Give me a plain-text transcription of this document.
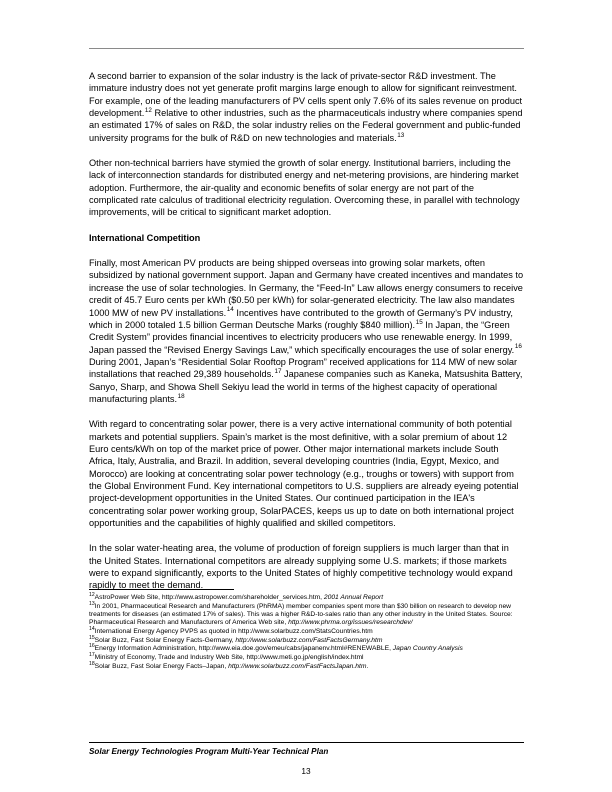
A second barrier to expansion of the solar industry is the lack of private-sector R&D investment. The immature industry does not yet generate profit margins large enough to allow for significant reinvestment. For example, one of the leading manufacturers of PV cells spent only 7.6% of its sales revenue on product development.$^{12}$ Relative to other industries, such as the pharmaceuticals industry where companies spend an estimated 17% of sales on R&D, the solar industry relies on the Federal government and public-funded university programs for the bulk of R&D on new technologies and materials.$^{13}$

Other non-technical barriers have stymied the growth of solar energy. Institutional barriers, including the lack of interconnection standards for distributed energy and net-metering provisions, are hindering market adoption. Furthermore, the air-quality and economic benefits of solar energy are not part of the complicated rate calculus of traditional electricity regulation. Overcoming these, in parallel with technology improvements, will be critical to significant market adoption.

International Competition

Finally, most American PV products are being shipped overseas into growing solar markets, often subsidized by national government support. Japan and Germany have created incentives and mandates to increase the use of solar technologies. In Germany, the “Feed-In” Law allows energy consumers to receive credit of 45.7 Euro cents per kWh ($0.50 per kWh) for solar-generated electricity. The law also mandates 1000 MW of new PV installations.$^{14}$ Incentives have contributed to the growth of Germany’s PV industry, which in 2000 totaled 1.5 billion German Deutsche Marks (roughly $840 million).$^{15}$ In Japan, the “Green Credit System” provides financial incentives to electricity producers who use renewable energy. In 1999, Japan passed the “Revised Energy Savings Law,” which specifically encourages the use of solar energy.$^{16}$ During 2001, Japan’s “Residential Solar Rooftop Program” received applications for 114 MW of new solar installations that reached 29,389 households.$^{17}$ Japanese companies such as Kaneka, Matsushita Battery, Sanyo, Sharp, and Showa Shell Sekiyu lead the world in terms of the highest capacity of operational manufacturing plants.$^{18}$

With regard to concentrating solar power, there is a very active international community of both potential markets and potential suppliers. Spain’s market is the most definitive, with a solar premium of about 12 Euro cents/kWh on top of the market price of power. Other major international markets include South Africa, Italy, Australia, and Brazil. In addition, several developing countries (India, Egypt, Mexico, and Morocco) are looking at concentrating solar power technology (e.g., troughs or towers) with support from the Global Environment Fund. Key international competitors to U.S. suppliers are already eyeing potential project-development opportunities in the United States. Our continued participation in the IEA's concentrating solar power working group, SolarPACES, keeps us up to date on both international project opportunities and the capabilities of highly qualified and skilled competitors.

In the solar water-heating area, the volume of production of foreign suppliers is much larger than that in the United States. International competitors are already supplying some U.S. markets; if those markets were to expand significantly, exports to the United States of highly competitive technology would expand rapidly to meet the demand.

$^{12}$AstroPower Web Site, http://www.astropower.com/shareholder_services.htm, 2001 Annual Report

$^{13}$In 2001, Pharmaceutical Research and Manufacturers (PhRMA) member companies spent more than $30 billion on research to develop new treatments for diseases (an estimated 17% of sales). This was a higher R&D-to-sales ratio than any other industry in the United States. Source: Pharmaceutical Research and Manufacturers of America Web site, http://www.phrma.org/issues/researchdev/

$^{14}$International Energy Agency PVPS as quoted in http://www.solarbuzz.com/StatsCountries.htm

$^{15}$Solar Buzz, Fast Solar Energy Facts-Germany, http://www.solarbuzz.com/FastFactsGermany.htm

$^{16}$Energy Information Administration, http://www.eia.doe.gov/emeu/cabs/japanenv.html#RENEWABLE, Japan Country Analysis

$^{17}$Ministry of Economy, Trade and Industry Web Site, http://www.meti.go.jp/english/index.html

$^{18}$Solar Buzz, Fast Solar Energy Facts–Japan, http://www.solarbuzz.com/FastFactsJapan.htm.

Solar Energy Technologies Program Multi-Year Technical Plan
13
